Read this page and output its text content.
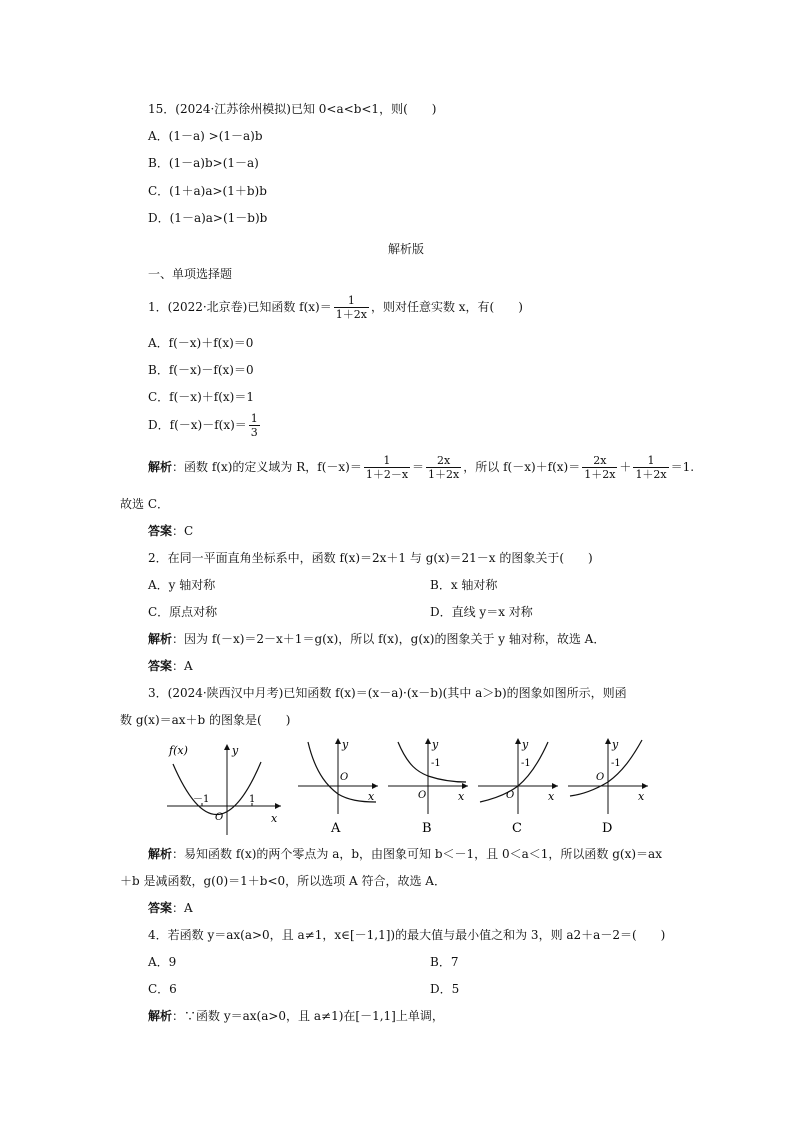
15．(2024·江苏徐州模拟)已知 0<a<b<1，则(　　)
A．(1－a) >(1－a)b
B．(1－a)b>(1－a)
C．(1＋a)a>(1＋b)b
D．(1－a)a>(1－b)b
解析版
一、单项选择题
1．(2022·北京卷)已知函数 $f(x)= \frac{1}{1+2x}$ ，则对任意实数 x，有(　　)
A．f(－x)＋f(x)＝0
B．f(－x)－f(x)＝0
C．f(－x)＋f(x)＝1
D．$f(-x)-f(x)= \frac{1}{3}$
解析：函数 f(x)的定义域为 R，$f(-x)= \frac{1}{1+2-x} = \frac{2x}{1+2x}$ ，所以 $f(-x)+f(x)= \frac{2x}{1+2x} + \frac{1}{1+2x} =1$.
故选 C．
答案：C
2．在同一平面直角坐标系中，函数 f(x)＝2x＋1 与 g(x)＝21－x 的图象关于(　　)
A．y 轴对称	B．x 轴对称
C．原点对称	D．直线 y＝x 对称
解析：因为 f(－x)＝2－x＋1＝g(x)，所以 f(x)，g(x)的图象关于 y 轴对称，故选 A．
答案：A
3．(2024·陕西汉中月考)已知函数 f(x)＝(x－a)·(x－b)(其中 a＞b)的图象如图所示，则函
数 g(x)＝ax＋b 的图象是(　　)
f(x)	y
－1	1
O	x
y
O
x
A
y
-1
O	x
B
y
-1
O	x
C
y
-1
O
x
D
解析：易知函数 f(x)的两个零点为 a，b，由图象可知 b＜－1，且 0＜a＜1，所以函数 g(x)＝ax
＋b 是减函数，g(0)＝1＋b<0，所以选项 A 符合，故选 A．
答案：A
4．若函数 y＝ax(a>0，且 a≠1，x∈[－1,1])的最大值与最小值之和为 3，则 a2＋a－2＝(　　)
A．9	B．7
C．6	D．5
解析：∵函数 y＝ax(a>0，且 a≠1)在[－1,1]上单调，
